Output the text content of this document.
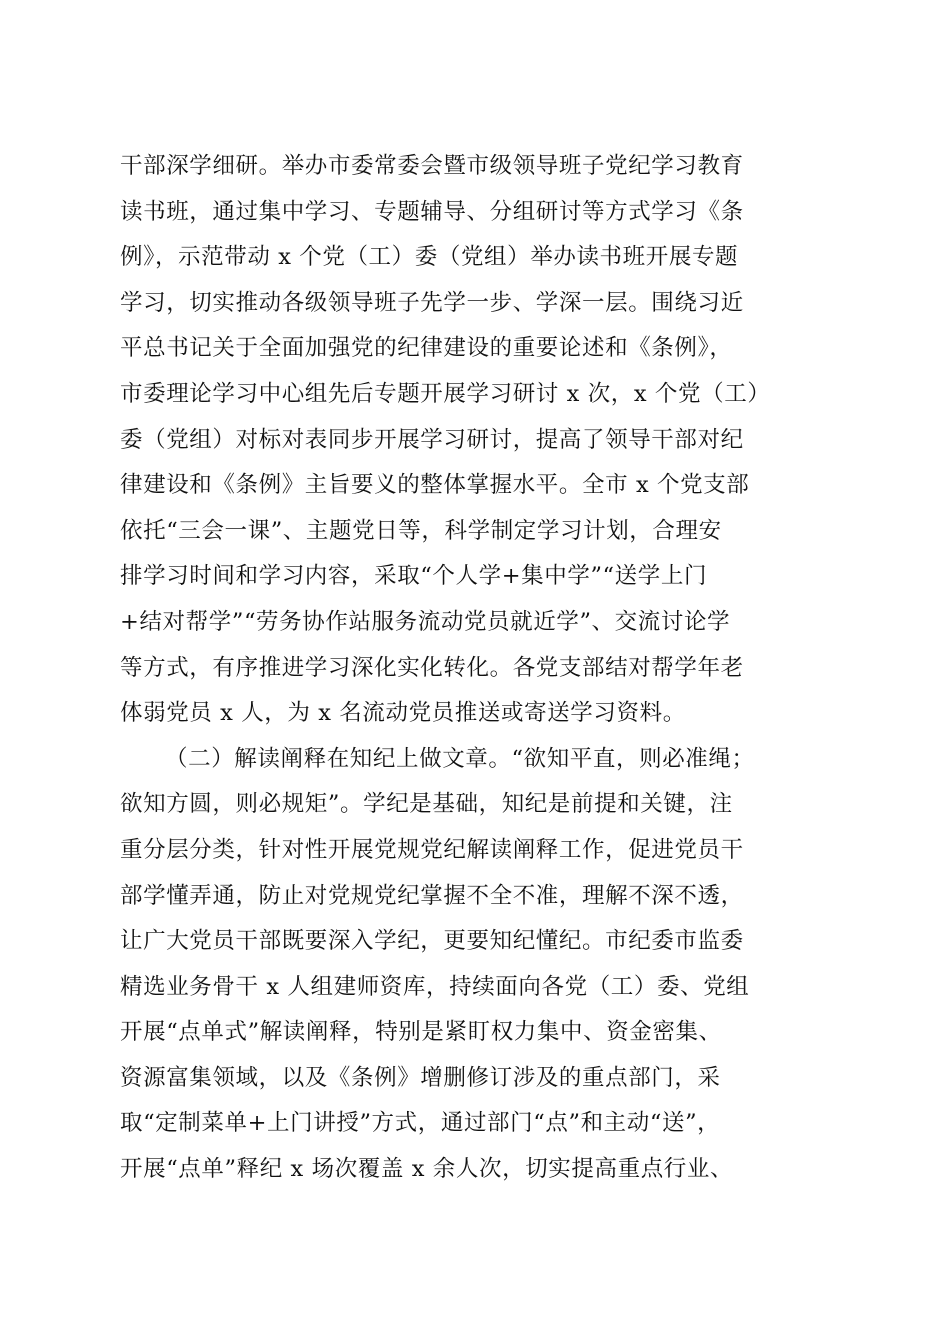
干部深学细研。举办市委常委会暨市级领导班子党纪学习教育
读书班，通过集中学习、专题辅导、分组研讨等方式学习《条
例》，示范带动 x 个党（工）委（党组）举办读书班开展专题
学习，切实推动各级领导班子先学一步、学深一层。围绕习近
平总书记关于全面加强党的纪律建设的重要论述和《条例》，
市委理论学习中心组先后专题开展学习研讨 x 次，x 个党（工）
委（党组）对标对表同步开展学习研讨，提高了领导干部对纪
律建设和《条例》主旨要义的整体掌握水平。全市 x 个党支部
依托“三会一课”、主题党日等，科学制定学习计划，合理安
排学习时间和学习内容，采取“个人学+集中学”“送学上门
+结对帮学”“劳务协作站服务流动党员就近学”、交流讨论学
等方式，有序推进学习深化实化转化。各党支部结对帮学年老
体弱党员 x 人，为 x 名流动党员推送或寄送学习资料。
（二）解读阐释在知纪上做文章。“欲知平直，则必准绳；
欲知方圆，则必规矩”。学纪是基础，知纪是前提和关键，注
重分层分类，针对性开展党规党纪解读阐释工作，促进党员干
部学懂弄通，防止对党规党纪掌握不全不准，理解不深不透，
让广大党员干部既要深入学纪，更要知纪懂纪。市纪委市监委
精选业务骨干 x 人组建师资库，持续面向各党（工）委、党组
开展“点单式”解读阐释，特别是紧盯权力集中、资金密集、
资源富集领域，以及《条例》增删修订涉及的重点部门，采
取“定制菜单+上门讲授”方式，通过部门“点”和主动“送”，
开展“点单”释纪 x 场次覆盖 x 余人次，切实提高重点行业、
